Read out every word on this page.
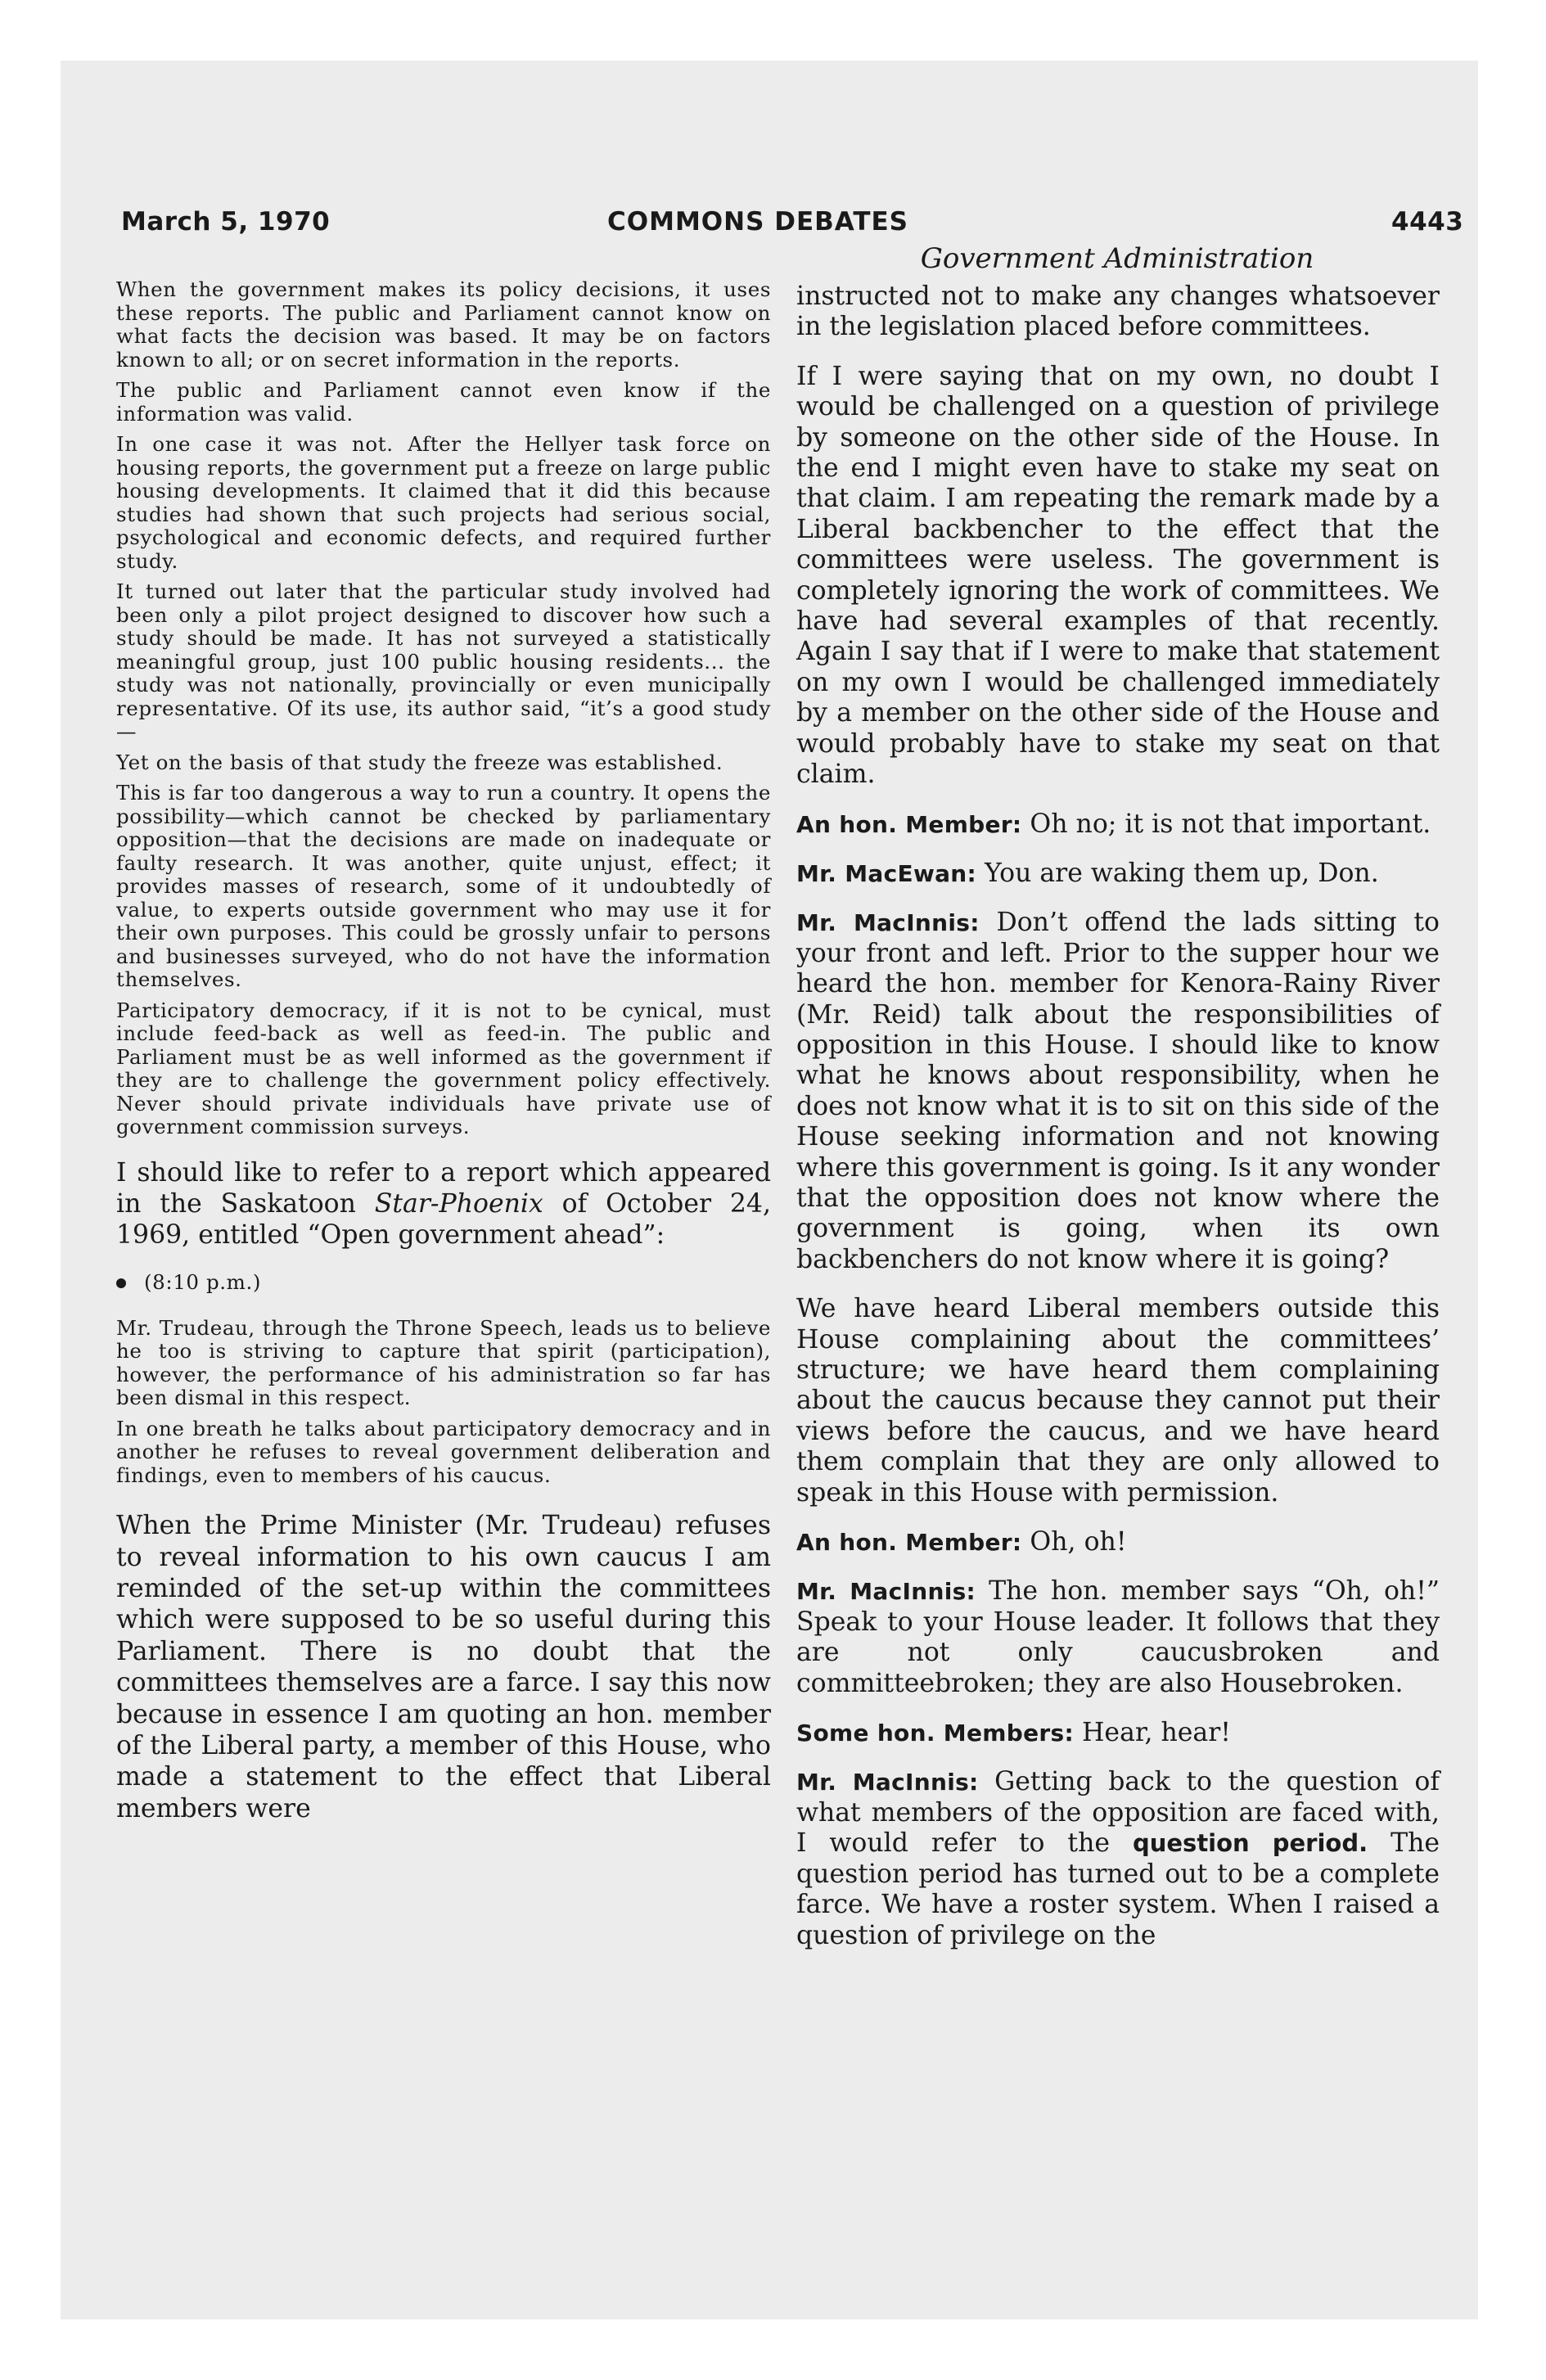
March 5, 1970	COMMONS DEBATES	4443
Government Administration

When the government makes its policy decisions, it uses these reports. The public and Parliament cannot know on what facts the decision was based. It may be on factors known to all; or on secret information in the reports.

The public and Parliament cannot even know if the information was valid.

In one case it was not. After the Hellyer task force on housing reports, the government put a freeze on large public housing developments. It claimed that it did this because studies had shown that such projects had serious social, psychological and economic defects, and required further study.

It turned out later that the particular study involved had been only a pilot project designed to discover how such a study should be made. It has not surveyed a statistically meaningful group, just 100 public housing residents... the study was not nationally, provincially or even municipally representative. Of its use, its author said, “it’s a good study—

Yet on the basis of that study the freeze was established.

This is far too dangerous a way to run a country. It opens the possibility—which cannot be checked by parliamentary opposition—that the decisions are made on inadequate or faulty research. It was another, quite unjust, effect; it provides masses of research, some of it undoubtedly of value, to experts outside government who may use it for their own purposes. This could be grossly unfair to persons and businesses surveyed, who do not have the information themselves.

Participatory democracy, if it is not to be cynical, must include feed-back as well as feed-in. The public and Parliament must be as well informed as the government if they are to challenge the government policy effectively. Never should private individuals have private use of government commission surveys.

I should like to refer to a report which appeared in the Saskatoon Star-Phoenix of October 24, 1969, entitled “Open government ahead”:

(8:10 p.m.)

Mr. Trudeau, through the Throne Speech, leads us to believe he too is striving to capture that spirit (participation), however, the performance of his administration so far has been dismal in this respect.

In one breath he talks about participatory democracy and in another he refuses to reveal government deliberation and findings, even to members of his caucus.

When the Prime Minister (Mr. Trudeau) refuses to reveal information to his own caucus I am reminded of the set-up within the committees which were supposed to be so useful during this Parliament. There is no doubt that the committees themselves are a farce. I say this now because in essence I am quoting an hon. member of the Liberal party, a member of this House, who made a statement to the effect that Liberal members were

instructed not to make any changes whatsoever in the legislation placed before committees.

If I were saying that on my own, no doubt I would be challenged on a question of privilege by someone on the other side of the House. In the end I might even have to stake my seat on that claim. I am repeating the remark made by a Liberal backbencher to the effect that the committees were useless. The government is completely ignoring the work of committees. We have had several examples of that recently. Again I say that if I were to make that statement on my own I would be challenged immediately by a member on the other side of the House and would probably have to stake my seat on that claim.

An hon. Member: Oh no; it is not that important.

Mr. MacEwan: You are waking them up, Don.

Mr. MacInnis: Don’t offend the lads sitting to your front and left. Prior to the supper hour we heard the hon. member for Kenora-Rainy River (Mr. Reid) talk about the responsibilities of opposition in this House. I should like to know what he knows about responsibility, when he does not know what it is to sit on this side of the House seeking information and not knowing where this government is going. Is it any wonder that the opposition does not know where the government is going, when its own backbenchers do not know where it is going?

We have heard Liberal members outside this House complaining about the committees’ structure; we have heard them complaining about the caucus because they cannot put their views before the caucus, and we have heard them complain that they are only allowed to speak in this House with permission.

An hon. Member: Oh, oh!

Mr. MacInnis: The hon. member says “Oh, oh!” Speak to your House leader. It follows that they are not only caucusbroken and committeebroken; they are also Housebroken.

Some hon. Members: Hear, hear!

Mr. MacInnis: Getting back to the question of what members of the opposition are faced with, I would refer to the question period. The question period has turned out to be a complete farce. We have a roster system. When I raised a question of privilege on the
